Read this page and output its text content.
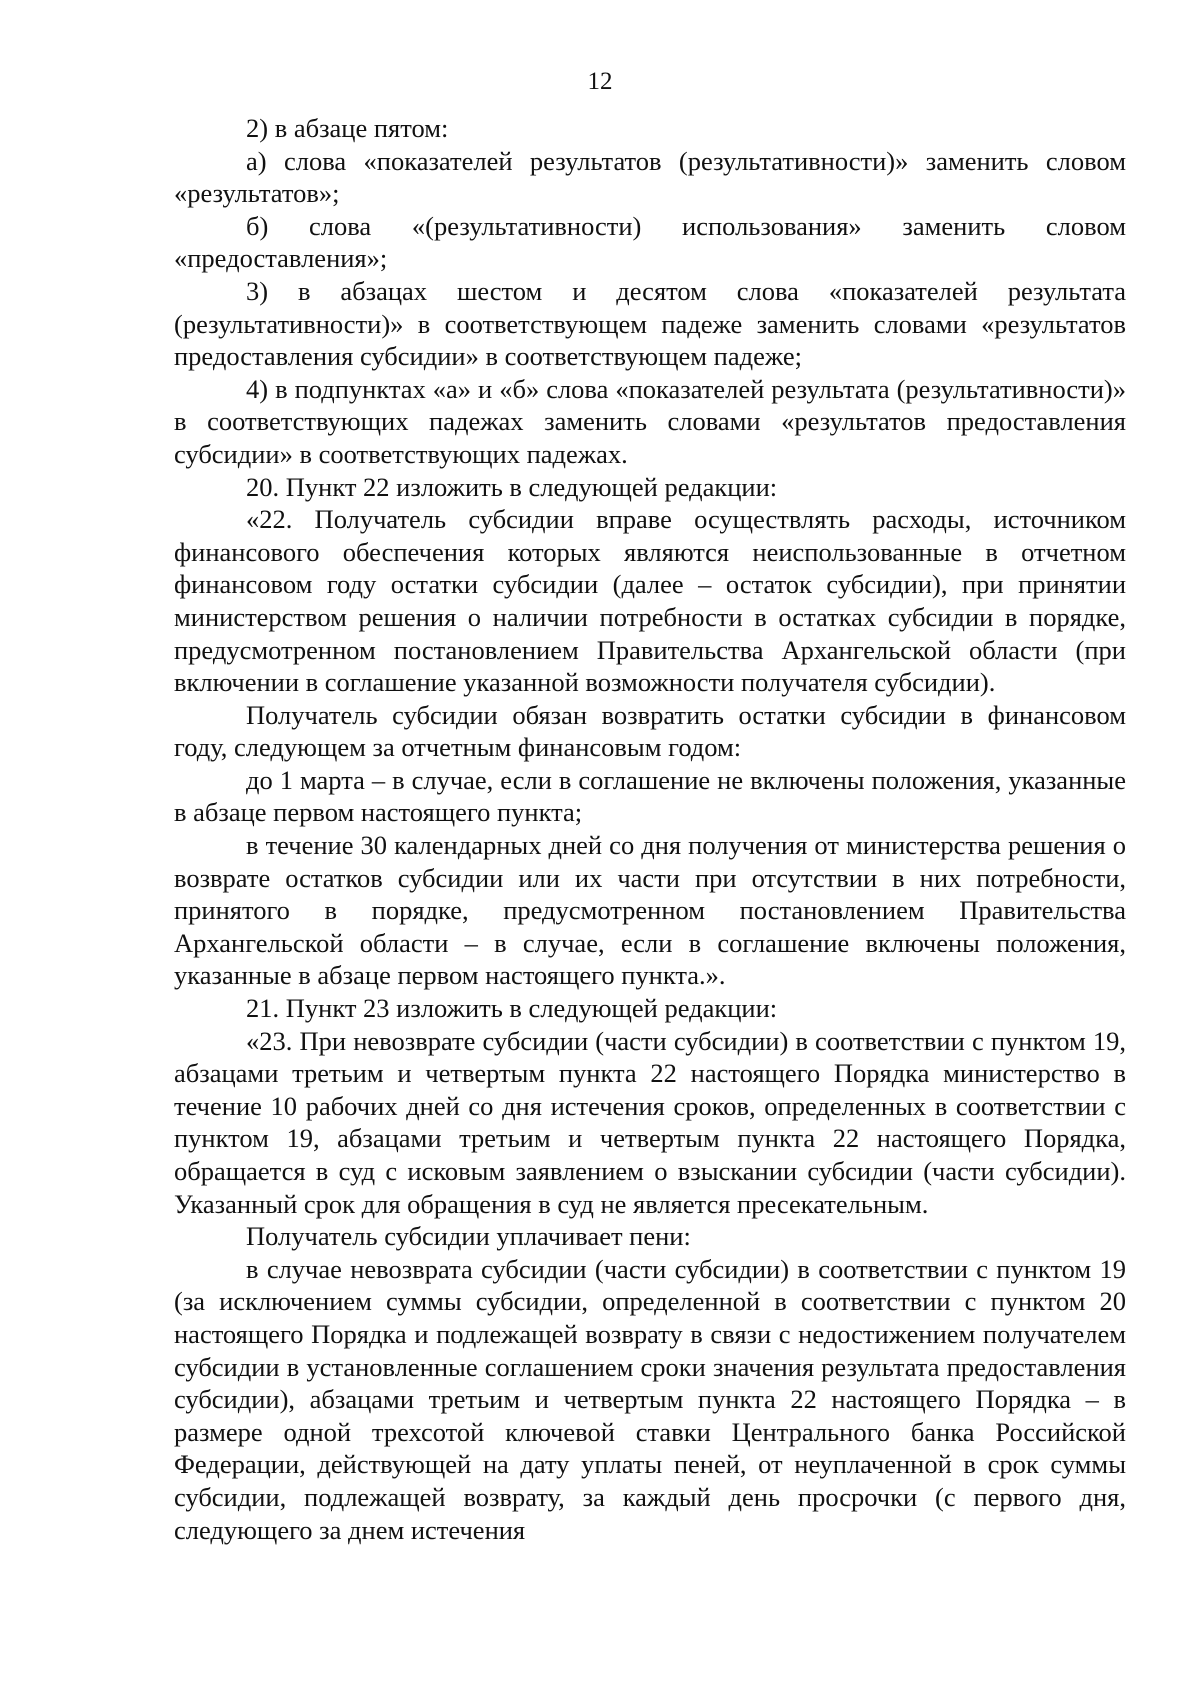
12

2) в абзаце пятом:

а) слова «показателей результатов (результативности)» заменить словом «результатов»;

б) слова «(результативности) использования» заменить словом «предоставления»;

3) в абзацах шестом и десятом слова «показателей результата (результативности)» в соответствующем падеже заменить словами «результатов предоставления субсидии» в соответствующем падеже;

4) в подпунктах «а» и «б» слова «показателей результата (результативности)» в соответствующих падежах заменить словами «результатов предоставления субсидии» в соответствующих падежах.

20. Пункт 22 изложить в следующей редакции:

«22. Получатель субсидии вправе осуществлять расходы, источником финансового обеспечения которых являются неиспользованные в отчетном финансовом году остатки субсидии (далее – остаток субсидии), при принятии министерством решения о наличии потребности в остатках субсидии в порядке, предусмотренном постановлением Правительства Архангельской области (при включении в соглашение указанной возможности получателя субсидии).

Получатель субсидии обязан возвратить остатки субсидии в финансовом году, следующем за отчетным финансовым годом:

до 1 марта – в случае, если в соглашение не включены положения, указанные в абзаце первом настоящего пункта;

в течение 30 календарных дней со дня получения от министерства решения о возврате остатков субсидии или их части при отсутствии в них потребности, принятого в порядке, предусмотренном постановлением Правительства Архангельской области – в случае, если в соглашение включены положения, указанные в абзаце первом настоящего пункта.».

21. Пункт 23 изложить в следующей редакции:

«23. При невозврате субсидии (части субсидии) в соответствии с пунктом 19, абзацами третьим и четвертым пункта 22 настоящего Порядка министерство в течение 10 рабочих дней со дня истечения сроков, определенных в соответствии с пунктом 19, абзацами третьим и четвертым пункта 22 настоящего Порядка, обращается в суд с исковым заявлением о взыскании субсидии (части субсидии). Указанный срок для обращения в суд не является пресекательным.

Получатель субсидии уплачивает пени:

в случае невозврата субсидии (части субсидии) в соответствии с пунктом 19 (за исключением суммы субсидии, определенной в соответствии с пунктом 20 настоящего Порядка и подлежащей возврату в связи с недостижением получателем субсидии в установленные соглашением сроки значения результата предоставления субсидии), абзацами третьим и четвертым пункта 22 настоящего Порядка – в размере одной трехсотой ключевой ставки Центрального банка Российской Федерации, действующей на дату уплаты пеней, от неуплаченной в срок суммы субсидии, подлежащей возврату, за каждый день просрочки (с первого дня, следующего за днем истечения
